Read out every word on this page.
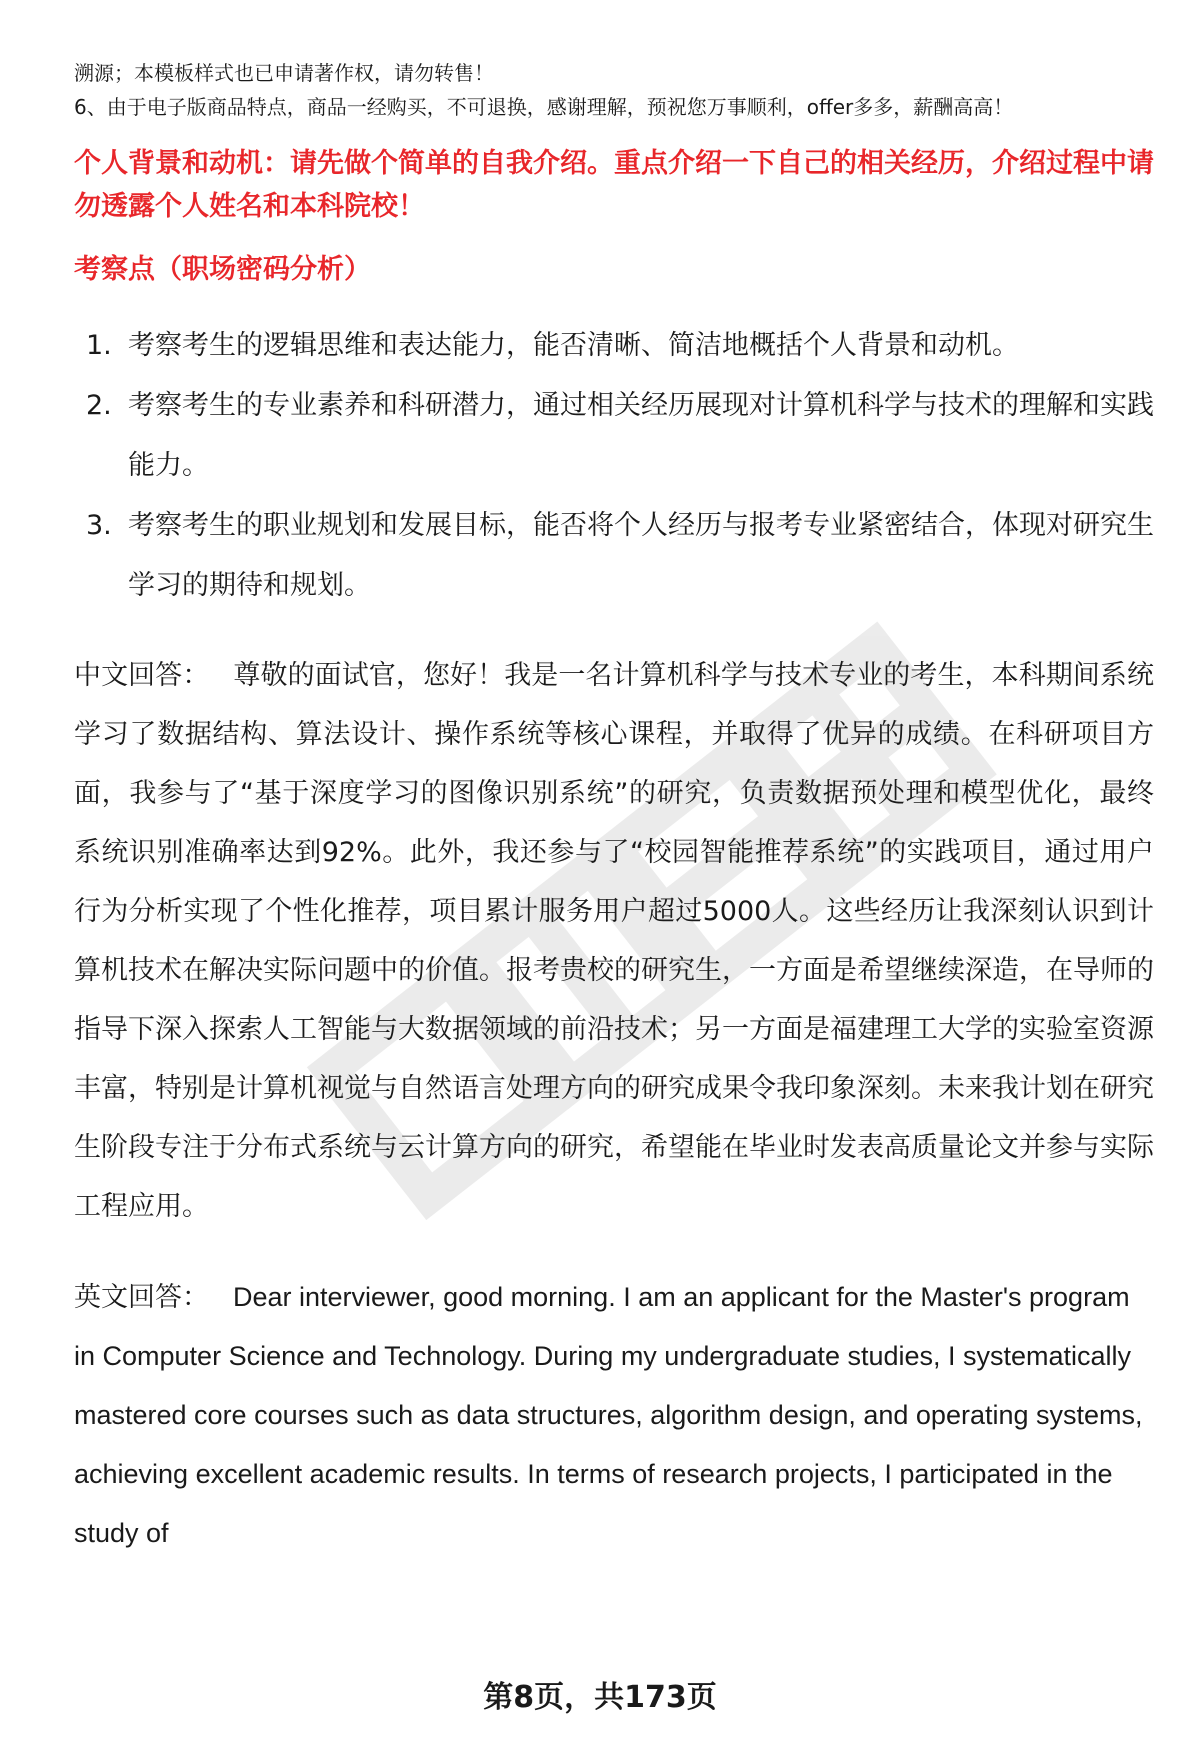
溯源；本模板样式也已申请著作权，请勿转售！

6、由于电子版商品特点，商品一经购买，不可退换，感谢理解，预祝您万事顺利，offer多多，薪酬高高！

个人背景和动机：请先做个简单的自我介绍。重点介绍一下自己的相关经历，介绍过程中请勿透露个人姓名和本科院校！
考察点（职场密码分析）
1. 考察考生的逻辑思维和表达能力，能否清晰、简洁地概括个人背景和动机。
2. 考察考生的专业素养和科研潜力，通过相关经历展现对计算机科学与技术的理解和实践能力。
3. 考察考生的职业规划和发展目标，能否将个人经历与报考专业紧密结合，体现对研究生学习的期待和规划。
中文回答： 尊敬的面试官，您好！我是一名计算机科学与技术专业的考生，本科期间系统学习了数据结构、算法设计、操作系统等核心课程，并取得了优异的成绩。在科研项目方面，我参与了“基于深度学习的图像识别系统”的研究，负责数据预处理和模型优化，最终系统识别准确率达到92%。此外，我还参与了“校园智能推荐系统”的实践项目，通过用户行为分析实现了个性化推荐，项目累计服务用户超过5000人。这些经历让我深刻认识到计算机技术在解决实际问题中的价值。报考贵校的研究生，一方面是希望继续深造，在导师的指导下深入探索人工智能与大数据领域的前沿技术；另一方面是福建理工大学的实验室资源丰富，特别是计算机视觉与自然语言处理方向的研究成果令我印象深刻。未来我计划在研究生阶段专注于分布式系统与云计算方向的研究，希望能在毕业时发表高质量论文并参与实际工程应用。
英文回答： Dear interviewer, good morning. I am an applicant for the Master's program in Computer Science and Technology. During my undergraduate studies, I systematically mastered core courses such as data structures, algorithm design, and operating systems, achieving excellent academic results. In terms of research projects, I participated in the study of
第8页，共173页
